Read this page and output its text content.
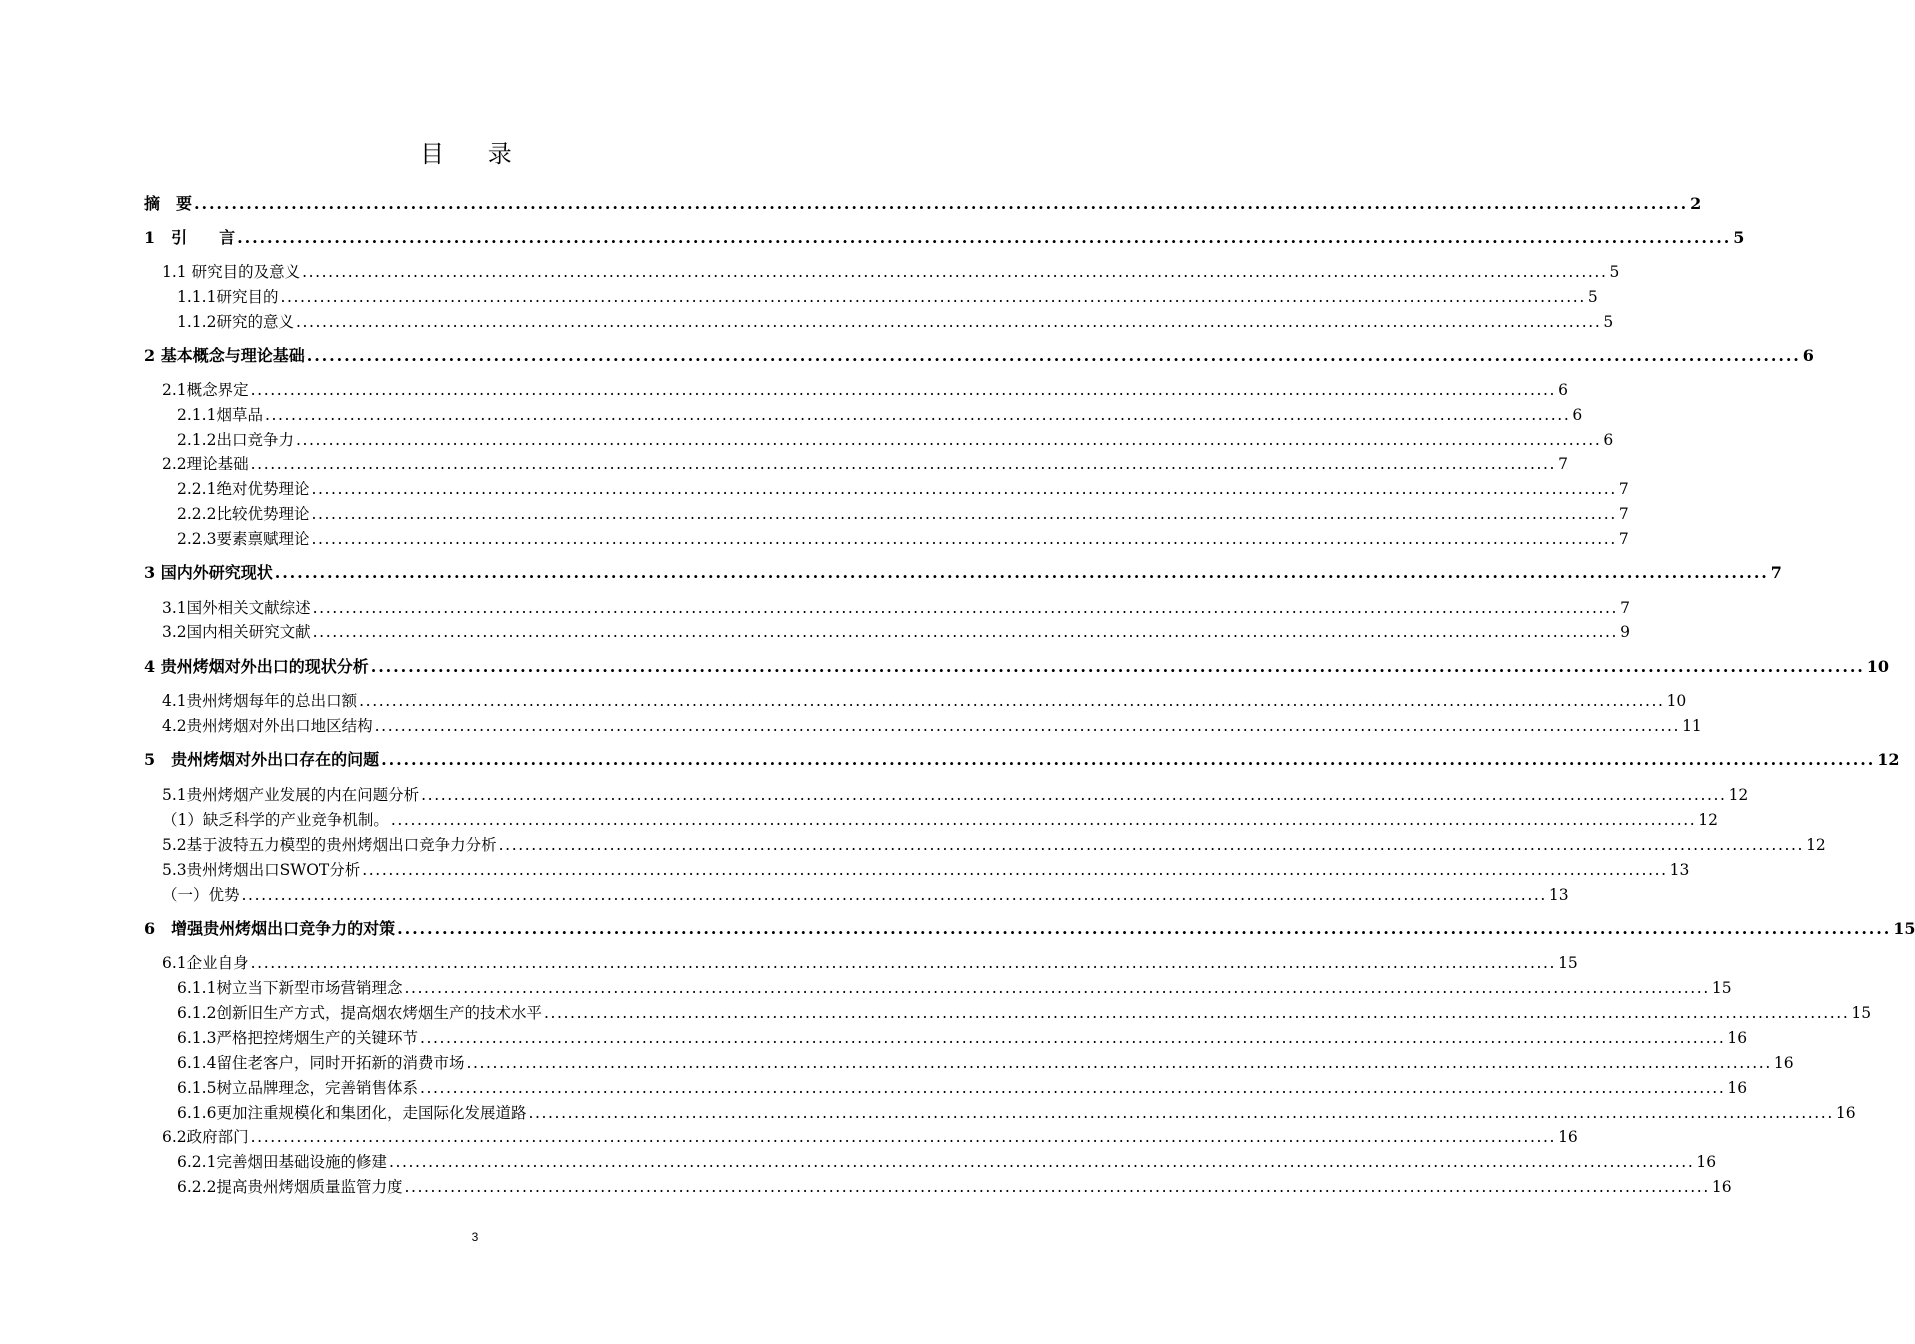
目 录
摘　要 ........................................................................................................................................................................................................ 2
1　引　　言 ........................................................................................................................................................................................................ 5
1.1 研究目的及意义 ........................................................................................................................................................................................................ 5
1.1.1研究目的 ........................................................................................................................................................................................................ 5
1.1.2研究的意义 ........................................................................................................................................................................................................ 5
2 基本概念与理论基础 ........................................................................................................................................................................................................ 6
2.1概念界定 ........................................................................................................................................................................................................ 6
2.1.1烟草品 ........................................................................................................................................................................................................ 6
2.1.2出口竞争力 ........................................................................................................................................................................................................ 6
2.2理论基础 ........................................................................................................................................................................................................ 7
2.2.1绝对优势理论 ........................................................................................................................................................................................................ 7
2.2.2比较优势理论 ........................................................................................................................................................................................................ 7
2.2.3要素禀赋理论 ........................................................................................................................................................................................................ 7
3 国内外研究现状 ........................................................................................................................................................................................................ 7
3.1国外相关文献综述 ........................................................................................................................................................................................................ 7
3.2国内相关研究文献 ........................................................................................................................................................................................................ 9
4 贵州烤烟对外出口的现状分析 ........................................................................................................................................................................................................ 10
4.1贵州烤烟每年的总出口额 ........................................................................................................................................................................................................ 10
4.2贵州烤烟对外出口地区结构 ........................................................................................................................................................................................................ 11
5　贵州烤烟对外出口存在的问题 ........................................................................................................................................................................................................ 12
5.1贵州烤烟产业发展的内在问题分析 ........................................................................................................................................................................................................ 12
（1）缺乏科学的产业竞争机制。 ........................................................................................................................................................................................................ 12
5.2基于波特五力模型的贵州烤烟出口竞争力分析 ........................................................................................................................................................................................................ 12
5.3贵州烤烟出口SWOT分析 ........................................................................................................................................................................................................ 13
（一）优势 ........................................................................................................................................................................................................ 13
6　增强贵州烤烟出口竞争力的对策 ........................................................................................................................................................................................................ 15
6.1企业自身 ........................................................................................................................................................................................................ 15
6.1.1树立当下新型市场营销理念 ........................................................................................................................................................................................................ 15
6.1.2创新旧生产方式，提高烟农烤烟生产的技术水平 ........................................................................................................................................................................................................ 15
6.1.3严格把控烤烟生产的关键环节 ........................................................................................................................................................................................................ 16
6.1.4留住老客户，同时开拓新的消费市场 ........................................................................................................................................................................................................ 16
6.1.5树立品牌理念，完善销售体系 ........................................................................................................................................................................................................ 16
6.1.6更加注重规模化和集团化，走国际化发展道路 ........................................................................................................................................................................................................ 16
6.2政府部门 ........................................................................................................................................................................................................ 16
6.2.1完善烟田基础设施的修建 ........................................................................................................................................................................................................ 16
6.2.2提高贵州烤烟质量监管力度 ........................................................................................................................................................................................................ 16
3
